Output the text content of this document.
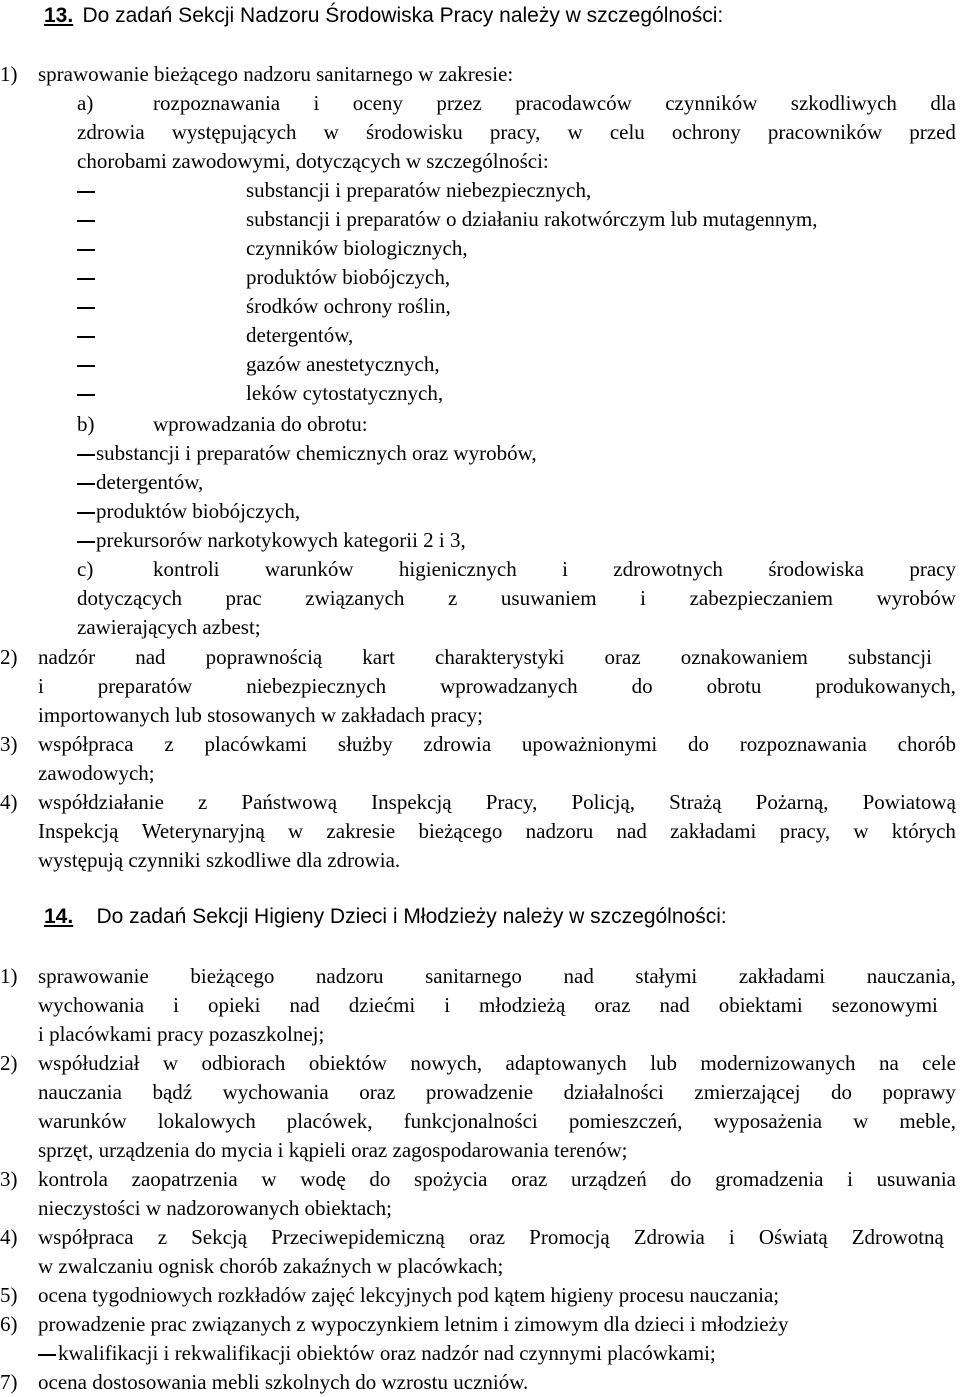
13. Do zadań Sekcji Nadzoru Środowiska Pracy należy w szczególności:
1) sprawowanie bieżącego nadzoru sanitarnego w zakresie:
a)	rozpoznawania i oceny przez pracodawców czynników szkodliwych dla
zdrowia występujących w środowisku pracy, w celu ochrony pracowników przed
chorobami zawodowymi, dotyczących w szczególności:
substancji i preparatów niebezpiecznych,
substancji i preparatów o działaniu rakotwórczym lub mutagennym,
czynników biologicznych,
produktów biobójczych,
środków ochrony roślin,
detergentów,
gazów anestetycznych,
leków cytostatycznych,
b)	wprowadzania do obrotu:
substancji i preparatów chemicznych oraz wyrobów,
detergentów,
produktów biobójczych,
prekursorów narkotykowych kategorii 2 i 3,
c)	kontroli warunków higienicznych i zdrowotnych środowiska pracy
dotyczących prac związanych z usuwaniem i zabezpieczaniem wyrobów
zawierających azbest;
2) nadzór nad poprawnością kart charakterystyki oraz oznakowaniem substancji
i	preparatów	niebezpiecznych	wprowadzanych	do	obrotu	produkowanych,
importowanych lub stosowanych w zakładach pracy;
3) współpraca z placówkami służby zdrowia upoważnionymi do rozpoznawania chorób
zawodowych;
4) współdziałanie z Państwową Inspekcją Pracy, Policją, Strażą Pożarną, Powiatową
Inspekcją Weterynaryjną w zakresie bieżącego nadzoru nad zakładami pracy, w których
występują czynniki szkodliwe dla zdrowia.
14. Do zadań Sekcji Higieny Dzieci i Młodzieży należy w szczególności:
1) sprawowanie bieżącego nadzoru sanitarnego nad stałymi zakładami nauczania,
wychowania i opieki nad dziećmi i młodzieżą oraz nad obiektami sezonowymi
i placówkami pracy pozaszkolnej;
2) współudział w odbiorach obiektów nowych, adaptowanych lub modernizowanych na cele
nauczania bądź wychowania oraz prowadzenie działalności zmierzającej do poprawy
warunków lokalowych placówek, funkcjonalności pomieszczeń, wyposażenia w meble,
sprzęt, urządzenia do mycia i kąpieli oraz zagospodarowania terenów;
3) kontrola zaopatrzenia w wodę do spożycia oraz urządzeń do gromadzenia i usuwania
nieczystości w nadzorowanych obiektach;
4) współpraca z Sekcją Przeciwepidemiczną oraz Promocją Zdrowia i Oświatą Zdrowotną
w zwalczaniu ognisk chorób zakaźnych w placówkach;
5) ocena tygodniowych rozkładów zajęć lekcyjnych pod kątem higieny procesu nauczania;
6) prowadzenie prac związanych z wypoczynkiem letnim i zimowym dla dzieci i młodzieży
kwalifikacji i rekwalifikacji obiektów oraz nadzór nad czynnymi placówkami;
7) ocena dostosowania mebli szkolnych do wzrostu uczniów.
